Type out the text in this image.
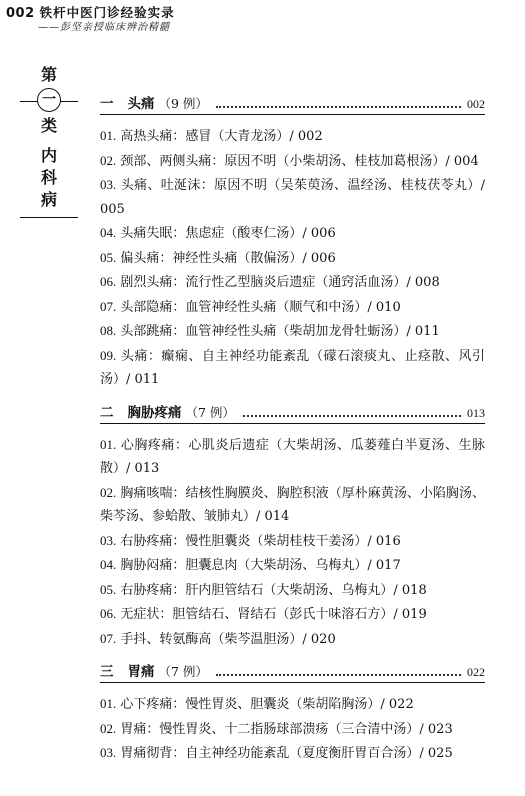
002 铁杆中医门诊经验实录
——彭坚亲授临床辨治精髓
第
一
类
内
科
病
一 头痛 （9 例）	002
01. 高热头痛：感冒（大青龙汤）/ 002
02. 颈部、两侧头痛：原因不明（小柴胡汤、桂枝加葛根汤）/ 004
03. 头痛、吐涎沫：原因不明（吴茱萸汤、温经汤、桂枝茯苓丸）/ 005
04. 头痛失眠：焦虑症（酸枣仁汤）/ 006
05. 偏头痛：神经性头痛（散偏汤）/ 006
06. 剧烈头痛：流行性乙型脑炎后遗症（通窍活血汤）/ 008
07. 头部隐痛：血管神经性头痛（顺气和中汤）/ 010
08. 头部跳痛：血管神经性头痛（柴胡加龙骨牡蛎汤）/ 011
09. 头痛：癫痫、自主神经功能紊乱（礞石滚痰丸、止痉散、风引汤）/ 011
二 胸胁疼痛 （7 例）	013
01. 心胸疼痛：心肌炎后遗症（大柴胡汤、瓜蒌薤白半夏汤、生脉散）/ 013
02. 胸痛咳喘：结核性胸膜炎、胸腔积液（厚朴麻黄汤、小陷胸汤、柴芩汤、参蛤散、皱肺丸）/ 014
03. 右胁疼痛：慢性胆囊炎（柴胡桂枝干姜汤）/ 016
04. 胸胁闷痛：胆囊息肉（大柴胡汤、乌梅丸）/ 017
05. 右胁疼痛：肝内胆管结石（大柴胡汤、乌梅丸）/ 018
06. 无症状：胆管结石、肾结石（彭氏十味溶石方）/ 019
07. 手抖、转氨酶高（柴芩温胆汤）/ 020
三 胃痛 （7 例）	022
01. 心下疼痛：慢性胃炎、胆囊炎（柴胡陷胸汤）/ 022
02. 胃痛：慢性胃炎、十二指肠球部溃疡（三合清中汤）/ 023
03. 胃痛彻背：自主神经功能紊乱（夏度衡肝胃百合汤）/ 025
